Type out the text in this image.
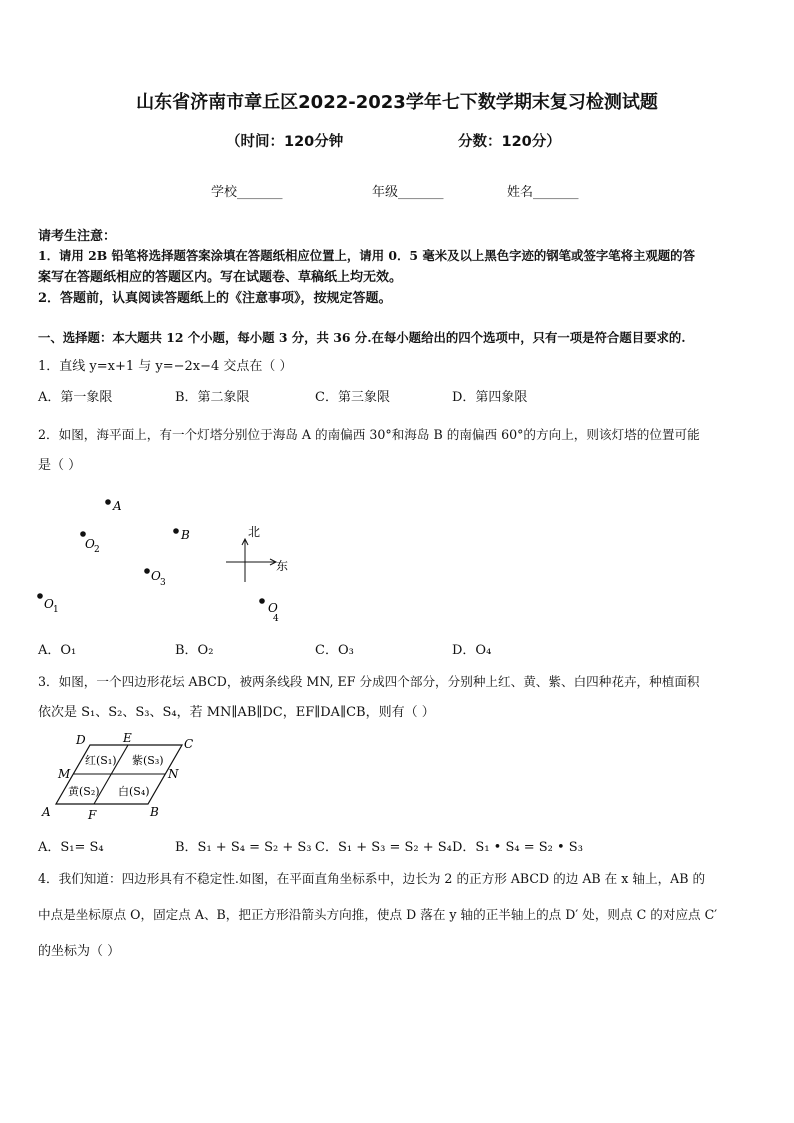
山东省济南市章丘区2022-2023学年七下数学期末复习检测试题
（时间：120分钟	分数：120分）
学校_______	年级_______	姓名_______
请考生注意：
1．请用 2B 铅笔将选择题答案涂填在答题纸相应位置上，请用 0．5 毫米及以上黑色字迹的钢笔或签字笔将主观题的答
案写在答题纸相应的答题区内。写在试题卷、草稿纸上均无效。
2．答题前，认真阅读答题纸上的《注意事项》，按规定答题。
一、选择题：本大题共 12 个小题，每小题 3 分，共 36 分.在每小题给出的四个选项中，只有一项是符合题目要求的.
1．直线 y=x+1 与 y=−2x−4 交点在（ ）
A．第一象限	B．第二象限	C．第三象限	D．第四象限
2．如图，海平面上，有一个灯塔分别位于海岛 A 的南偏西 30°和海岛 B 的南偏西 60°的方向上，则该灯塔的位置可能
是（ ）
A
B
O 2
O 3
O 1	O
4
北
东
A．O₁	B．O₂	C．O₃	D．O₄
3．如图，一个四边形花坛 ABCD，被两条线段 MN, EF 分成四个部分，分别种上红、黄、紫、白四种花卉，种植面积
依次是 S₁、S₂、S₃、S₄，若 MN∥AB∥DC，EF∥DA∥CB，则有（ ）
D	E	C
M	N
A	F	B
红(S₁) 紫(S₃)
黄(S₂) 白(S₄)
A．S₁= S₄	B．S₁ + S₄ = S₂ + S₃ C．S₁ + S₃ = S₂ + S₄ D．S₁ • S₄ = S₂ • S₃
4．我们知道：四边形具有不稳定性.如图，在平面直角坐标系中，边长为 2 的正方形 ABCD 的边 AB 在 x 轴上，AB 的
中点是坐标原点 O，固定点 A、B，把正方形沿箭头方向推，使点 D 落在 y 轴的正半轴上的点 D′ 处，则点 C 的对应点 C′
的坐标为（ ）
